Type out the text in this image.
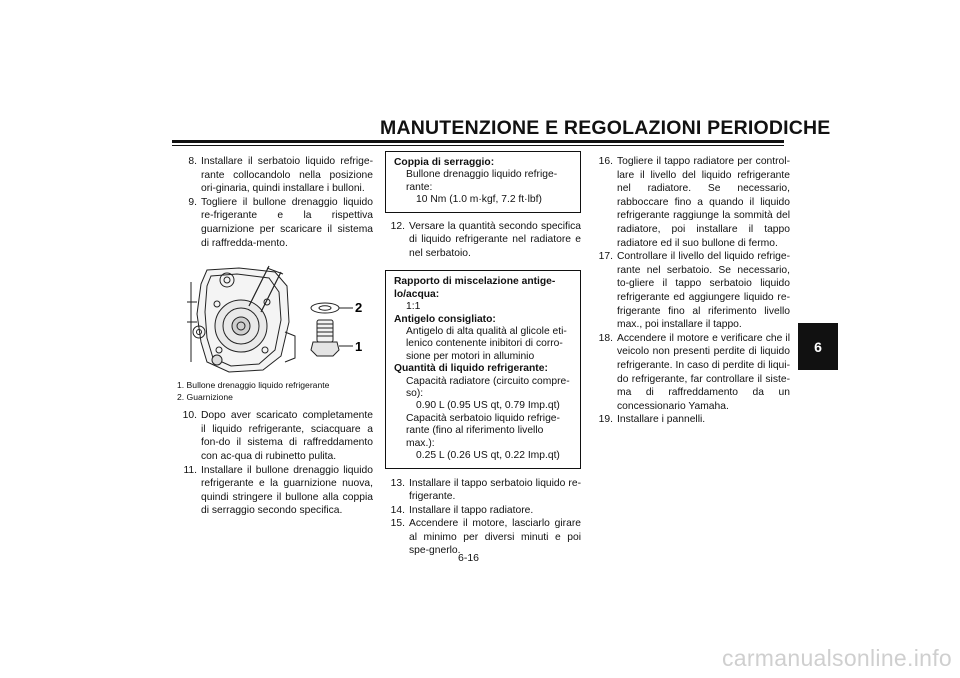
MANUTENZIONE E REGOLAZIONI PERIODICHE
6

8. Installare il serbatoio liquido refrige-rante collocandolo nella posizione ori-ginaria, quindi installare i bulloni.

9. Togliere il bullone drenaggio liquido re-frigerante e la rispettiva guarnizione per scaricare il sistema di raffredda-mento.

2
1
1. Bullone drenaggio liquido refrigerante
2. Guarnizione

10. Dopo aver scaricato completamente il liquido refrigerante, sciacquare a fon-do il sistema di raffreddamento con ac-qua di rubinetto pulita.

11. Installare il bullone drenaggio liquido refrigerante e la guarnizione nuova, quindi stringere il bullone alla coppia di serraggio secondo specifica.

Coppia di serraggio:
Bullone drenaggio liquido refrige-rante:
10 Nm (1.0 m·kgf, 7.2 ft·lbf)

12. Versare la quantità secondo specifica di liquido refrigerante nel radiatore e nel serbatoio.

Rapporto di miscelazione antige-lo/acqua:
1:1
Antigelo consigliato:
Antigelo di alta qualità al glicole eti-lenico contenente inibitori di corro-sione per motori in alluminio
Quantità di liquido refrigerante:
Capacità radiatore (circuito compre-so):
0.90 L (0.95 US qt, 0.79 Imp.qt)
Capacità serbatoio liquido refrige-rante (fino al riferimento livello max.):
0.25 L (0.26 US qt, 0.22 Imp.qt)

13. Installare il tappo serbatoio liquido re-frigerante.

14. Installare il tappo radiatore.

15. Accendere il motore, lasciarlo girare al minimo per diversi minuti e poi spe-gnerlo.

16. Togliere il tappo radiatore per control-lare il livello del liquido refrigerante nel radiatore. Se necessario, rabboccare fino a quando il liquido refrigerante raggiunge la sommità del radiatore, poi installare il tappo radiatore ed il suo bullone di fermo.

17. Controllare il livello del liquido refrige-rante nel serbatoio. Se necessario, to-gliere il tappo serbatoio liquido refrigerante ed aggiungere liquido re-frigerante fino al riferimento livello max., poi installare il tappo.

18. Accendere il motore e verificare che il veicolo non presenti perdite di liquido refrigerante. In caso di perdite di liqui-do refrigerante, far controllare il siste-ma di raffreddamento da un concessionario Yamaha.

19. Installare i pannelli.

6-16
carmanualsonline.info
